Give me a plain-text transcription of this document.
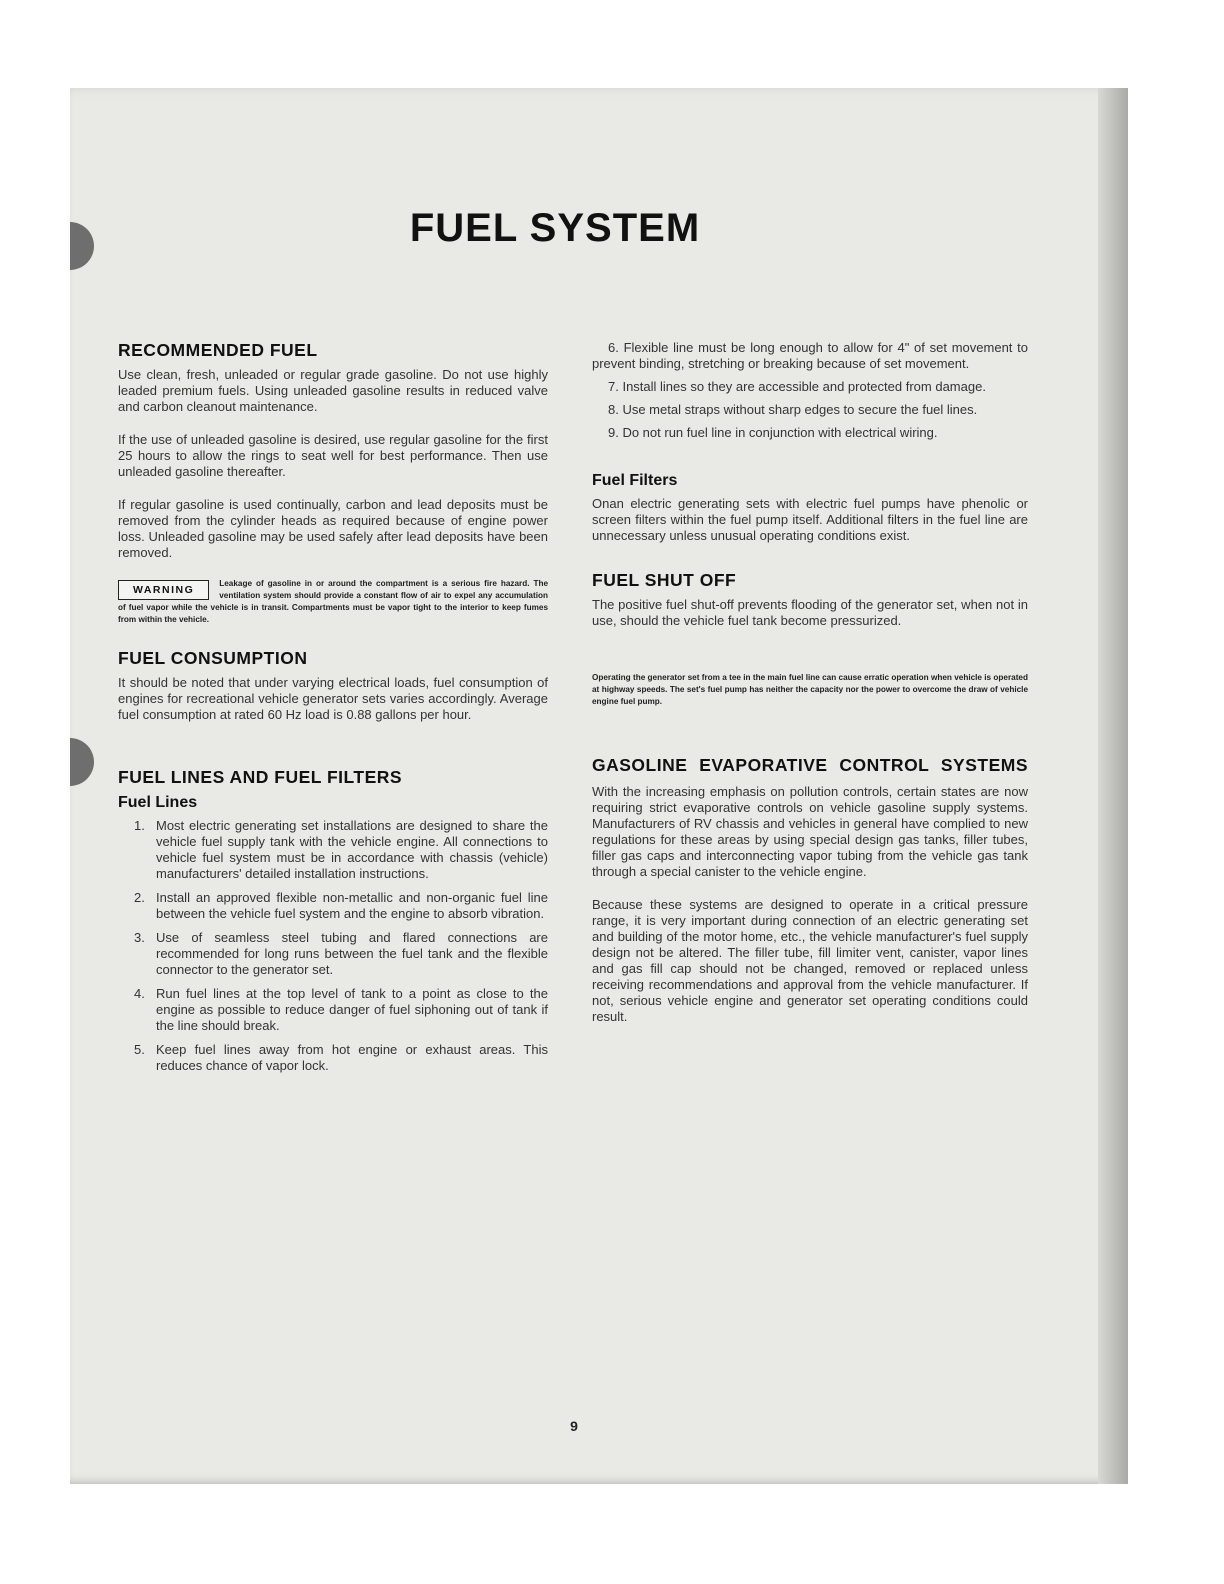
FUEL SYSTEM
RECOMMENDED FUEL

Use clean, fresh, unleaded or regular grade gasoline. Do not use highly leaded premium fuels. Using unleaded gasoline results in reduced valve and carbon cleanout maintenance.

If the use of unleaded gasoline is desired, use regular gasoline for the first 25 hours to allow the rings to seat well for best performance. Then use unleaded gasoline thereafter.

If regular gasoline is used continually, carbon and lead deposits must be removed from the cylinder heads as required because of engine power loss. Unleaded gasoline may be used safely after lead deposits have been removed.

WARNING
Leakage of gasoline in or around the compartment is a serious fire hazard. The ventilation system should provide a constant flow of air to expel any accumulation of fuel vapor while the vehicle is in transit. Compartments must be vapor tight to the interior to keep fumes from within the vehicle.
FUEL CONSUMPTION

It should be noted that under varying electrical loads, fuel consumption of engines for recreational vehicle generator sets varies accordingly. Average fuel consumption at rated 60 Hz load is 0.88 gallons per hour.

FUEL LINES AND FUEL FILTERS
Fuel Lines
1. Most electric generating set installations are designed to share the vehicle fuel supply tank with the vehicle engine. All connections to vehicle fuel system must be in accordance with chassis (vehicle) manufacturers' detailed installation instructions.
2. Install an approved flexible non-metallic and non-organic fuel line between the vehicle fuel system and the engine to absorb vibration.
3. Use of seamless steel tubing and flared connections are recommended for long runs between the fuel tank and the flexible connector to the generator set.
4. Run fuel lines at the top level of tank to a point as close to the engine as possible to reduce danger of fuel siphoning out of tank if the line should break.
5. Keep fuel lines away from hot engine or exhaust areas. This reduces chance of vapor lock.
6. Flexible line must be long enough to allow for 4" of set movement to prevent binding, stretching or breaking because of set movement.
7. Install lines so they are accessible and protected from damage.
8. Use metal straps without sharp edges to secure the fuel lines.
9. Do not run fuel line in conjunction with electrical wiring.
Fuel Filters

Onan electric generating sets with electric fuel pumps have phenolic or screen filters within the fuel pump itself. Additional filters in the fuel line are unnecessary unless unusual operating conditions exist.

FUEL SHUT OFF

The positive fuel shut-off prevents flooding of the generator set, when not in use, should the vehicle fuel tank become pressurized.

Operating the generator set from a tee in the main fuel line can cause erratic operation when vehicle is operated at highway speeds. The set's fuel pump has neither the capacity nor the power to overcome the draw of vehicle engine fuel pump.
GASOLINE EVAPORATIVE CONTROL SYSTEMS

With the increasing emphasis on pollution controls, certain states are now requiring strict evaporative controls on vehicle gasoline supply systems. Manufacturers of RV chassis and vehicles in general have complied to new regulations for these areas by using special design gas tanks, filler tubes, filler gas caps and interconnecting vapor tubing from the vehicle gas tank through a special canister to the vehicle engine.

Because these systems are designed to operate in a critical pressure range, it is very important during connection of an electric generating set and building of the motor home, etc., the vehicle manufacturer's fuel supply design not be altered. The filler tube, fill limiter vent, canister, vapor lines and gas fill cap should not be changed, removed or replaced unless receiving recommendations and approval from the vehicle manufacturer. If not, serious vehicle engine and generator set operating conditions could result.

9
